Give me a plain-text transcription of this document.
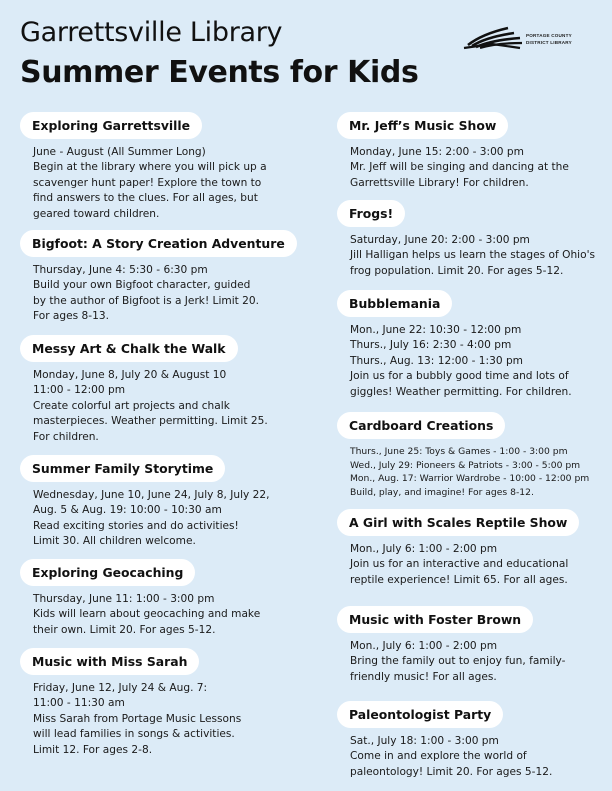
Garrettsville Library
Summer Events for Kids
PORTAGE COUNTY
DISTRICT LIBRARY
Exploring Garrettsville
June - August (All Summer Long)
Begin at the library where you will pick up a
scavenger hunt paper! Explore the town to
find answers to the clues. For all ages, but
geared toward children.
Bigfoot: A Story Creation Adventure
Thursday, June 4: 5:30 - 6:30 pm
Build your own Bigfoot character, guided
by the author of Bigfoot is a Jerk! Limit 20.
For ages 8-13.
Messy Art & Chalk the Walk
Monday, June 8, July 20 & August 10
11:00 - 12:00 pm
Create colorful art projects and chalk
masterpieces. Weather permitting. Limit 25.
For children.
Summer Family Storytime
Wednesday, June 10, June 24, July 8, July 22,
Aug. 5 & Aug. 19: 10:00 - 10:30 am
Read exciting stories and do activities!
Limit 30. All children welcome.
Exploring Geocaching
Thursday, June 11: 1:00 - 3:00 pm
Kids will learn about geocaching and make
their own. Limit 20. For ages 5-12.
Music with Miss Sarah
Friday, June 12, July 24 & Aug. 7:
11:00 - 11:30 am
Miss Sarah from Portage Music Lessons
will lead families in songs & activities.
Limit 12. For ages 2-8.
Mr. Jeff’s Music Show
Monday, June 15: 2:00 - 3:00 pm
Mr. Jeff will be singing and dancing at the
Garrettsville Library! For children.
Frogs!
Saturday, June 20: 2:00 - 3:00 pm
Jill Halligan helps us learn the stages of Ohio's
frog population. Limit 20. For ages 5-12.
Bubblemania
Mon., June 22: 10:30 - 12:00 pm
Thurs., July 16: 2:30 - 4:00 pm
Thurs., Aug. 13: 12:00 - 1:30 pm
Join us for a bubbly good time and lots of
giggles! Weather permitting. For children.
Cardboard Creations
Thurs., June 25: Toys & Games - 1:00 - 3:00 pm
Wed., July 29: Pioneers & Patriots - 3:00 - 5:00 pm
Mon., Aug. 17: Warrior Wardrobe - 10:00 - 12:00 pm
Build, play, and imagine! For ages 8-12.
A Girl with Scales Reptile Show
Mon., July 6: 1:00 - 2:00 pm
Join us for an interactive and educational
reptile experience! Limit 65. For all ages.
Music with Foster Brown
Mon., July 6: 1:00 - 2:00 pm
Bring the family out to enjoy fun, family-
friendly music! For all ages.
Paleontologist Party
Sat., July 18: 1:00 - 3:00 pm
Come in and explore the world of
paleontology! Limit 20. For ages 5-12.
